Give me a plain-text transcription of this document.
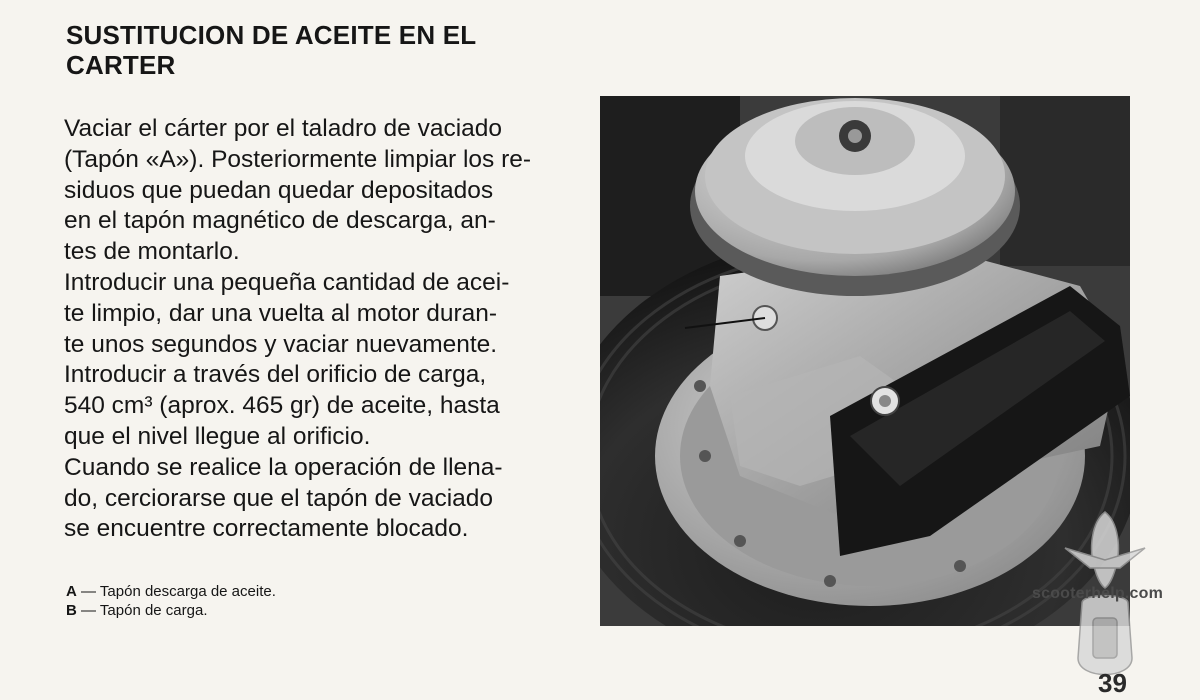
SUSTITUCION DE ACEITE EN EL
CARTER
Vaciar el cárter por el taladro de vaciado
(Tapón «A»). Posteriormente limpiar los re-
siduos que puedan quedar depositados
en el tapón magnético de descarga, an-
tes de montarlo.
Introducir una pequeña cantidad de acei-
te limpio, dar una vuelta al motor duran-
te unos segundos y vaciar nuevamente.
Introducir a través del orificio de carga,
540 cm³ (aprox. 465 gr) de aceite, hasta
que el nivel llegue al orificio.
Cuando se realice la operación de llena-
do, cerciorarse que el tapón de vaciado
se encuentre correctamente blocado.
A — Tapón descarga de aceite.
B — Tapón de carga.
scooterhelp.com
39
